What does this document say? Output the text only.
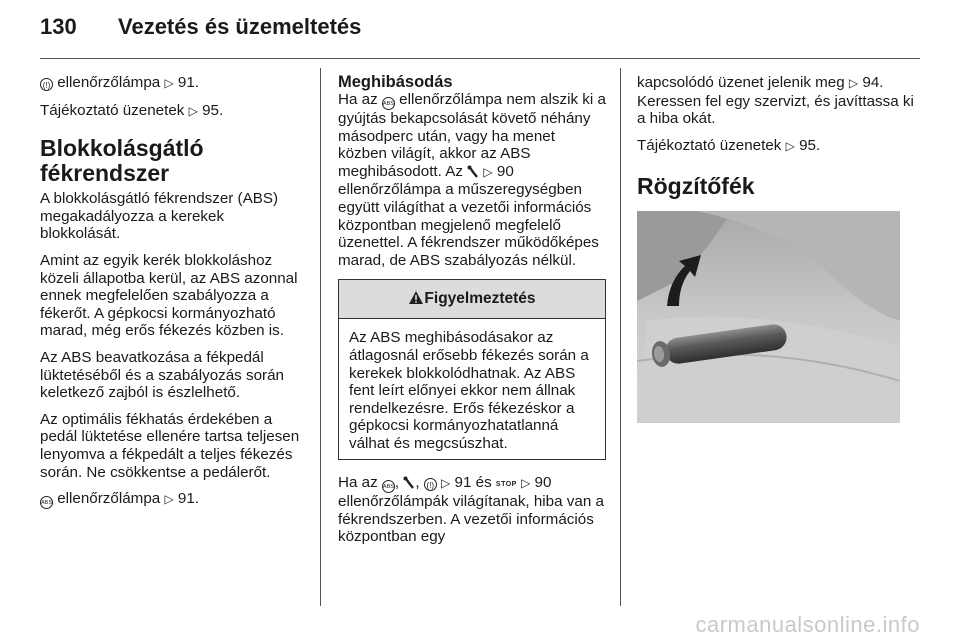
130 Vezetés és üzemeltetés

(!) ellenőrzőlámpa ▷ 91.

Tájékoztató üzenetek ▷ 95.

Blokkolásgátló fékrendszer

A blokkolásgátló fékrendszer (ABS) megakadályozza a kerekek blokkolását.

Amint az egyik kerék blokkoláshoz közeli állapotba kerül, az ABS azonnal ennek megfelelően szabályozza a fékerőt. A gépkocsi kormányozható marad, még erős fékezés közben is.

Az ABS beavatkozása a fékpedál lüktetéséből és a szabályozás során keletkező zajból is észlelhető.

Az optimális fékhatás érdekében a pedál lüktetése ellenére tartsa teljesen lenyomva a fékpedált a teljes fékezés során. Ne csökkentse a pedálerőt.

ABS ellenőrzőlámpa ▷ 91.

Meghibásodás

Ha az ABS ellenőrzőlámpa nem alszik ki a gyújtás bekapcsolását követő néhány másodperc után, vagy ha menet közben világít, akkor az ABS meghibásodott. Az  ▷ 90 ellenőrzőlámpa a műszeregységben együtt világíthat a vezetői információs központban megjelenő megfelelő üzenettel. A fékrendszer működőképes marad, de ABS szabályozás nélkül.

Figyelmeztetés
Az ABS meghibásodásakor az átlagosnál erősebb fékezés során a kerekek blokkolódhatnak. Az ABS fent leírt előnyei ekkor nem állnak rendelkezésre. Erős fékezéskor a gépkocsi kormányozhatatlanná válhat és megcsúszhat.

Ha az ABS, , (!) ▷ 91 és STOP ▷ 90 ellenőrzőlámpák világítanak, hiba van a fékrendszerben. A vezetői információs központban egy

kapcsolódó üzenet jelenik meg ▷ 94. Keressen fel egy szervizt, és javíttassa ki a hiba okát.

Tájékoztató üzenetek ▷ 95.

Rögzítőfék
carmanualsonline.info
